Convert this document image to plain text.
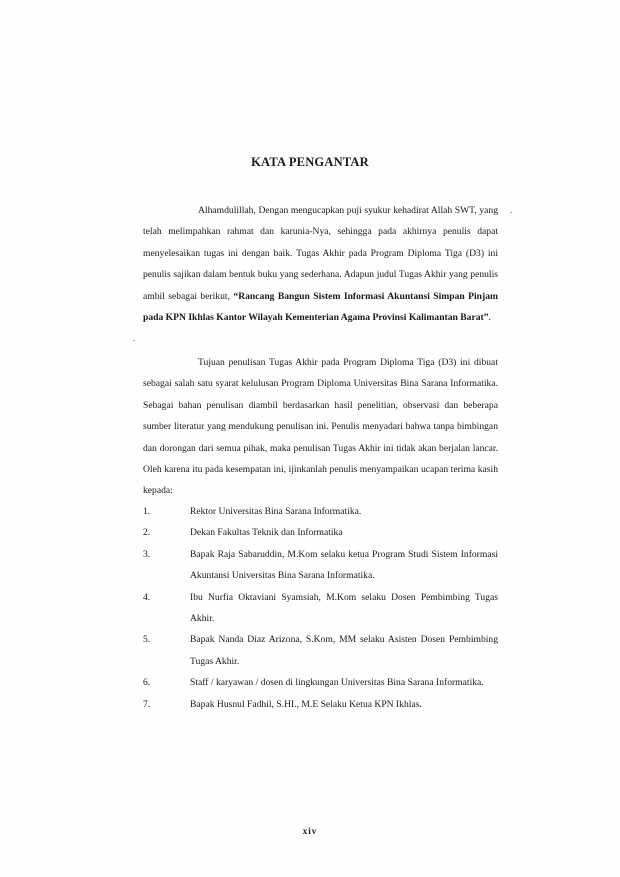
KATA PENGANTAR

Alhamdulillah, Dengan mengucapkan puji syukur kehadirat Allah SWT, yang telah melimpahkan rahmat dan karunia-Nya, sehingga pada akhirnya penulis dapat menyelesaikan tugas ini dengan baik. Tugas Akhir pada Program Diploma Tiga (D3) ini penulis sajikan dalam bentuk buku yang sederhana. Adapun judul Tugas Akhir yang penulis ambil sebagai berikut, “Rancang Bangun Sistem Informasi Akuntansi Simpan Pinjam pada KPN Ikhlas Kantor Wilayah Kementerian Agama Provinsi Kalimantan Barat”.

Tujuan penulisan Tugas Akhir pada Program Diploma Tiga (D3) ini dibuat sebagai salah satu syarat kelulusan Program Diploma Universitas Bina Sarana Informatika. Sebagai bahan penulisan diambil berdasarkan hasil penelitian, observasi dan beberapa sumber literatur yang mendukung penulisan ini. Penulis menyadari bahwa tanpa bimbingan dan dorongan dari semua pihak, maka penulisan Tugas Akhir ini tidak akan berjalan lancar. Oleh karena itu pada kesempatan ini, ijinkanlah penulis menyampaikan ucapan terima kasih kepada:

1.	Rektor Universitas Bina Sarana Informatika.
2.	Dekan Fakultas Teknik dan Informatika
3.	Bapak Raja Sabaruddin, M.Kom selaku ketua Program Studi Sistem Informasi Akuntansi Universitas Bina Sarana Informatika.
4.	Ibu Nurfia Oktaviani Syamsiah, M.Kom selaku Dosen Pembimbing Tugas Akhir.
5.	Bapak Nanda Diaz Arizona, S.Kom, MM selaku Asisten Dosen Pembimbing Tugas Akhir.
6.	Staff / karyawan / dosen di lingkungan Universitas Bina Sarana Informatika.
7.	Bapak Husnul Fadhil, S.HI., M.E Selaku Ketua KPN Ikhlas.
xiv
